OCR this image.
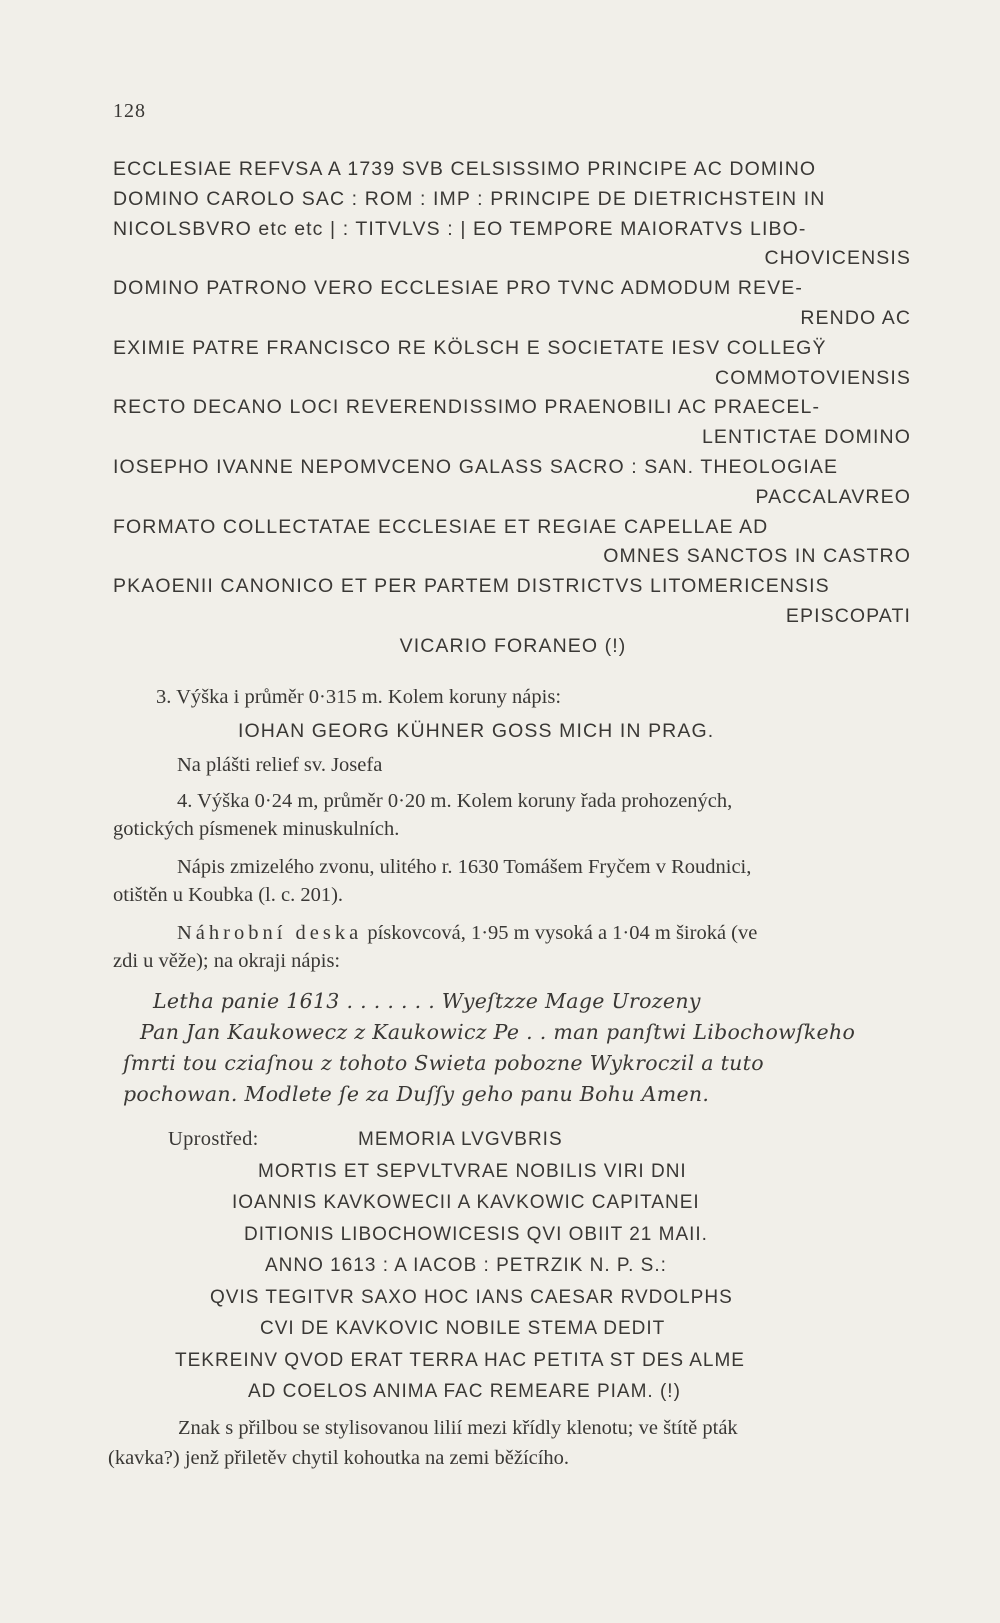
128
ECCLESIAE REFVSA A 1739 SVB CELSISSIMO PRINCIPE AC DOMINO
DOMINO CAROLO SAC : ROM : IMP : PRINCIPE DE DIETRICHSTEIN IN
NICOLSBVRO etc etc | : TITVLVS : | EO TEMPORE MAIORATVS LIBO-
CHOVICENSIS
DOMINO PATRONO VERO ECCLESIAE PRO TVNC ADMODUM REVE-
RENDO AC
EXIMIE PATRE FRANCISCO RE KÖLSCH E SOCIETATE IESV COLLEGŸ
COMMOTOVIENSIS
RECTO DECANO LOCI REVERENDISSIMO PRAENOBILI AC PRAECEL-
LENTICTAE DOMINO
IOSEPHO IVANNE NEPOMVCENO GALASS SACRO : SAN. THEOLOGIAE
PACCALAVREO
FORMATO COLLECTATAE ECCLESIAE ET REGIAE CAPELLAE AD
OMNES SANCTOS IN CASTRO
PKAOENII CANONICO ET PER PARTEM DISTRICTVS LITOMERICENSIS
EPISCOPATI
VICARIO FORANEO (!)

3. Výška i průměr 0·315 m. Kolem koruny nápis:

IOHAN GEORG KÜHNER GOSS MICH IN PRAG.

Na plášti relief sv. Josefa

4. Výška 0·24 m, průměr 0·20 m. Kolem koruny řada prohozených,

gotických písmenek minuskulních.

Nápis zmizelého zvonu, ulitého r. 1630 Tomášem Fryčem v Roudnici,

otištěn u Koubka (l. c. 201).

Náhrobní deska pískovcová, 1·95 m vysoká a 1·04 m široká (ve

zdi u věže); na okraji nápis:

Letha panie 1613 . . . . . . . Wyeſtzze Mage Urozeny
Pan Jan Kaukowecz z Kaukowicz Pe . . man panſtwi Libochowſkeho
ſmrti tou cziaſnou z tohoto Swieta pobozne Wykroczil a tuto
pochowan. Modlete ſe za Duſſy geho panu Bohu Amen.
Uprostřed:	MEMORIA LVGVBRIS
MORTIS ET SEPVLTVRAE NOBILIS VIRI DNI
IOANNIS KAVKOWECII A KAVKOWIC CAPITANEI
DITIONIS LIBOCHOWICESIS QVI OBIIT 21 MAII.
ANNO 1613 : A IACOB : PETRZIK N. P. S.:
QVIS TEGITVR SAXO HOC IANS CAESAR RVDOLPHS
CVI DE KAVKOVIC NOBILE STEMA DEDIT
TEKREINV QVOD ERAT TERRA HAC PETITA ST DES ALME
AD COELOS ANIMA FAC REMEARE PIAM. (!)

Znak s přilbou se stylisovanou lilií mezi křídly klenotu; ve štítě pták

(kavka?) jenž přiletěv chytil kohoutka na zemi běžícího.
